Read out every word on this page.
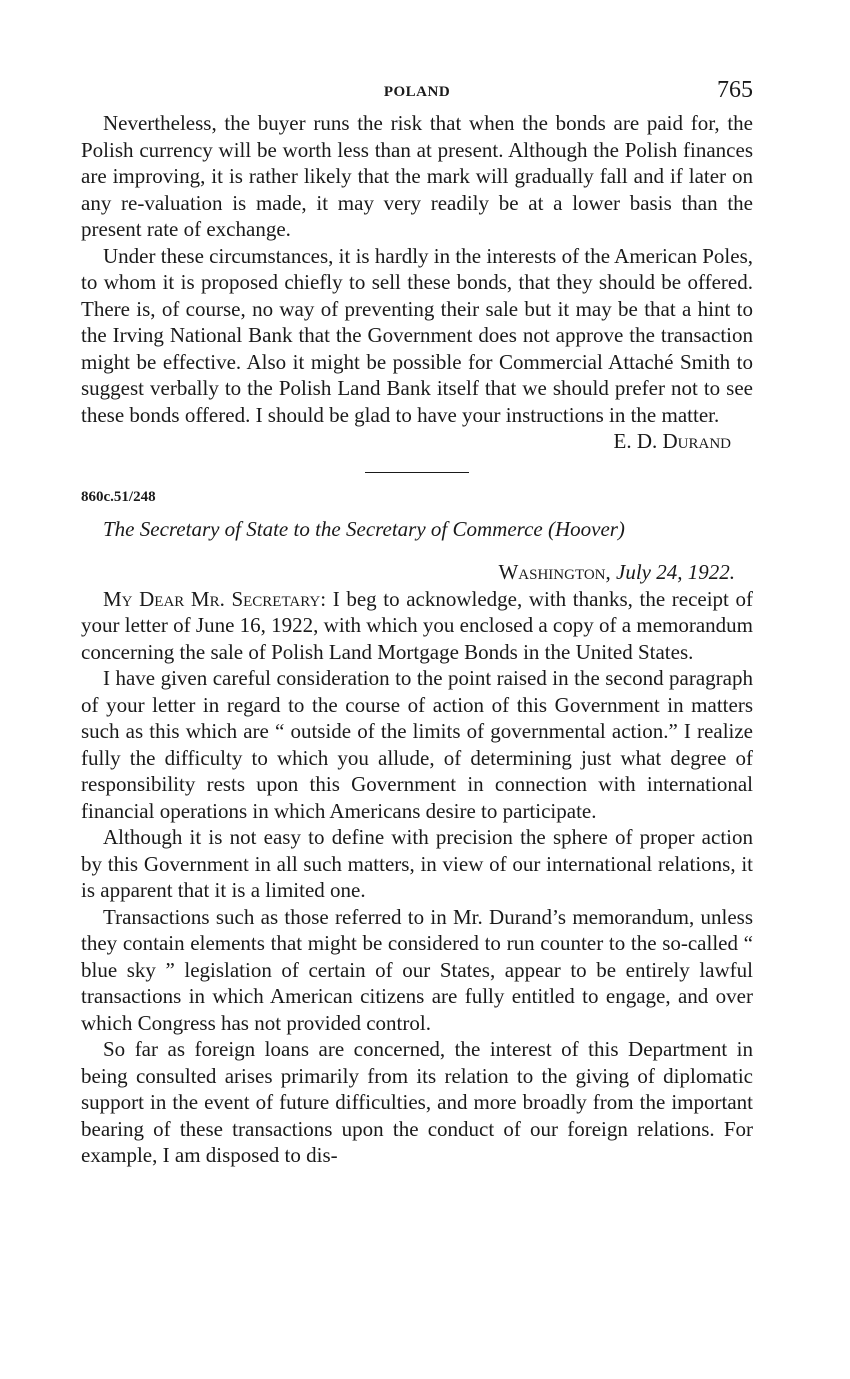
POLAND	765

Nevertheless, the buyer runs the risk that when the bonds are paid for, the Polish currency will be worth less than at present. Although the Polish finances are improving, it is rather likely that the mark will gradually fall and if later on any re-valuation is made, it may very readily be at a lower basis than the present rate of exchange.

Under these circumstances, it is hardly in the interests of the American Poles, to whom it is proposed chiefly to sell these bonds, that they should be offered. There is, of course, no way of preventing their sale but it may be that a hint to the Irving National Bank that the Government does not approve the transaction might be effective. Also it might be possible for Commercial Attaché Smith to suggest verbally to the Polish Land Bank itself that we should prefer not to see these bonds offered. I should be glad to have your instructions in the matter.

E. D. Durand
860c.51/248
The Secretary of State to the Secretary of Commerce (Hoover)
Washington, July 24, 1922.

My Dear Mr. Secretary: I beg to acknowledge, with thanks, the receipt of your letter of June 16, 1922, with which you enclosed a copy of a memorandum concerning the sale of Polish Land Mortgage Bonds in the United States.

I have given careful consideration to the point raised in the second paragraph of your letter in regard to the course of action of this Government in matters such as this which are “ outside of the limits of governmental action.” I realize fully the difficulty to which you allude, of determining just what degree of responsibility rests upon this Government in connection with international financial operations in which Americans desire to participate.

Although it is not easy to define with precision the sphere of proper action by this Government in all such matters, in view of our international relations, it is apparent that it is a limited one.

Transactions such as those referred to in Mr. Durand’s memorandum, unless they contain elements that might be considered to run counter to the so-called “ blue sky ” legislation of certain of our States, appear to be entirely lawful transactions in which American citizens are fully entitled to engage, and over which Congress has not provided control.

So far as foreign loans are concerned, the interest of this Department in being consulted arises primarily from its relation to the giving of diplomatic support in the event of future difficulties, and more broadly from the important bearing of these transactions upon the conduct of our foreign relations. For example, I am disposed to dis-
